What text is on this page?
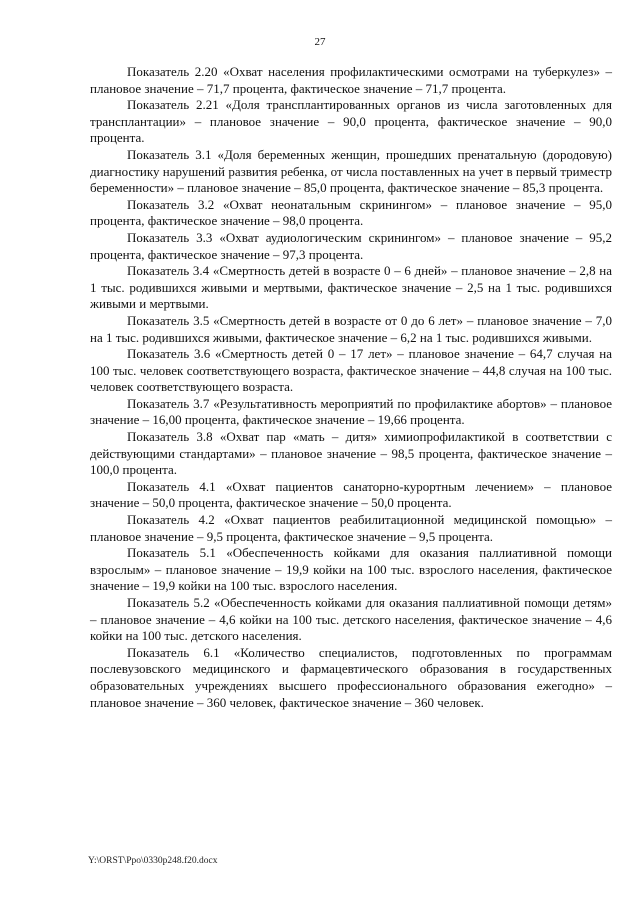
27

Показатель 2.20 «Охват населения профилактическими осмотрами на туберкулез» – плановое значение – 71,7 процента, фактическое значение – 71,7 процента.

Показатель 2.21 «Доля трансплантированных органов из числа заготовленных для трансплантации» – плановое значение – 90,0 процента, фактическое значение – 90,0 процента.

Показатель 3.1 «Доля беременных женщин, прошедших пренатальную (дородовую) диагностику нарушений развития ребенка, от числа поставленных на учет в первый триместр беременности» – плановое значение – 85,0 процента, фактическое значение – 85,3 процента.

Показатель 3.2 «Охват неонатальным скринингом» – плановое значение – 95,0 процента, фактическое значение – 98,0 процента.

Показатель 3.3 «Охват аудиологическим скринингом» – плановое значение – 95,2 процента, фактическое значение – 97,3 процента.

Показатель 3.4 «Смертность детей в возрасте 0 – 6 дней» – плановое значение – 2,8 на 1 тыс. родившихся живыми и мертвыми, фактическое значение – 2,5 на 1 тыс. родившихся живыми и мертвыми.

Показатель 3.5 «Смертность детей в возрасте от 0 до 6 лет» – плановое значение – 7,0 на 1 тыс. родившихся живыми, фактическое значение – 6,2 на 1 тыс. родившихся живыми.

Показатель 3.6 «Смертность детей 0 – 17 лет» – плановое значение – 64,7 случая на 100 тыс. человек соответствующего возраста, фактическое значение – 44,8 случая на 100 тыс. человек соответствующего возраста.

Показатель 3.7 «Результативность мероприятий по профилактике абортов» – плановое значение – 16,00 процента, фактическое значение – 19,66 процента.

Показатель 3.8 «Охват пар «мать – дитя» химиопрофилактикой в соответствии с действующими стандартами» – плановое значение – 98,5 процента, фактическое значение – 100,0 процента.

Показатель 4.1 «Охват пациентов санаторно-курортным лечением» – плановое значение – 50,0 процента, фактическое значение – 50,0 процента.

Показатель 4.2 «Охват пациентов реабилитационной медицинской помощью» – плановое значение – 9,5 процента, фактическое значение – 9,5 процента.

Показатель 5.1 «Обеспеченность койками для оказания паллиативной помощи взрослым» – плановое значение – 19,9 койки на 100 тыс. взрослого населения, фактическое значение – 19,9 койки на 100 тыс. взрослого населения.

Показатель 5.2 «Обеспеченность койками для оказания паллиативной помощи детям» – плановое значение – 4,6 койки на 100 тыс. детского населения, фактическое значение – 4,6 койки на 100 тыс. детского населения.

Показатель 6.1 «Количество специалистов, подготовленных по программам послевузовского медицинского и фармацевтического образования в государственных образовательных учреждениях высшего профессионального образования ежегодно» – плановое значение – 360 человек, фактическое значение – 360 человек.

Y:\ORST\Ppo\0330p248.f20.docx
